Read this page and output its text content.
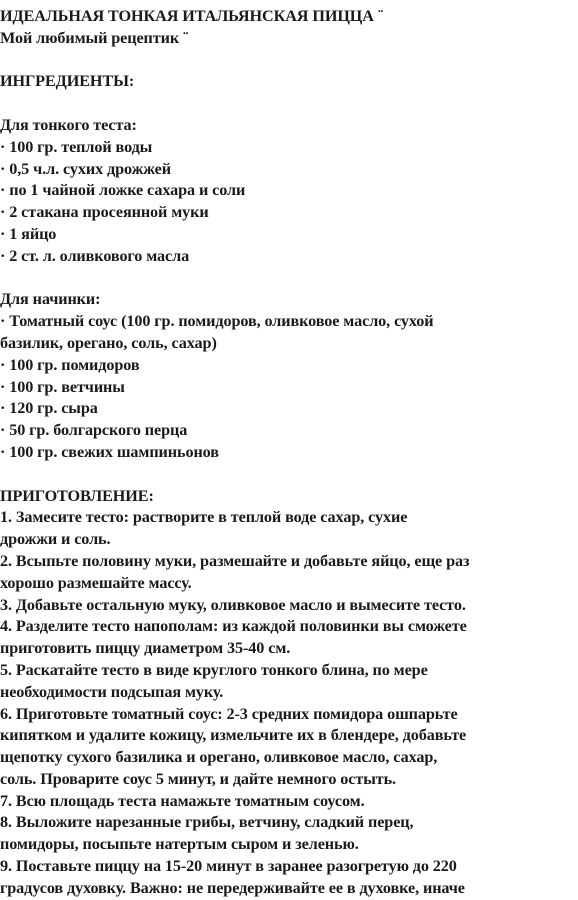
ИДЕАЛЬНАЯ ТОНКАЯ ИТАЛЬЯНСКАЯ ПИЦЦА ¨
Мой любимый рецептик ¨
ИНГРЕДИЕНТЫ:
Для тонкого теста:
· 100 гр. теплой воды
· 0,5 ч.л. сухих дрожжей
· по 1 чайной ложке сахара и соли
· 2 стакана просеянной муки
· 1 яйцо
· 2 ст. л. оливкового масла
Для начинки:
· Томатный соус (100 гр. помидоров, оливковое масло, сухой
базилик, орегано, соль, сахар)
· 100 гр. помидоров
· 100 гр. ветчины
· 120 гр. сыра
· 50 гр. болгарского перца
· 100 гр. свежих шампиньонов
ПРИГОТОВЛЕНИЕ:
1. Замесите тесто: растворите в теплой воде сахар, сухие
дрожжи и соль.
2. Всыпьте половину муки, размешайте и добавьте яйцо, еще раз
хорошо размешайте массу.
3. Добавьте остальную муку, оливковое масло и вымесите тесто.
4. Разделите тесто напополам: из каждой половинки вы сможете
приготовить пиццу диаметром 35-40 см.
5. Раскатайте тесто в виде круглого тонкого блина, по мере
необходимости подсыпая муку.
6. Приготовьте томатный соус: 2-3 средних помидора ошпарьте
кипятком и удалите кожицу, измельчите их в блендере, добавьте
щепотку сухого базилика и орегано, оливковое масло, сахар,
соль. Проварите соус 5 минут, и дайте немного остыть.
7. Всю площадь теста намажьте томатным соусом.
8. Выложите нарезанные грибы, ветчину, сладкий перец,
помидоры, посыпьте натертым сыром и зеленью.
9. Поставьте пиццу на 15-20 минут в заранее разогретую до 220
градусов духовку. Важно: не передерживайте ее в духовке, иначе
